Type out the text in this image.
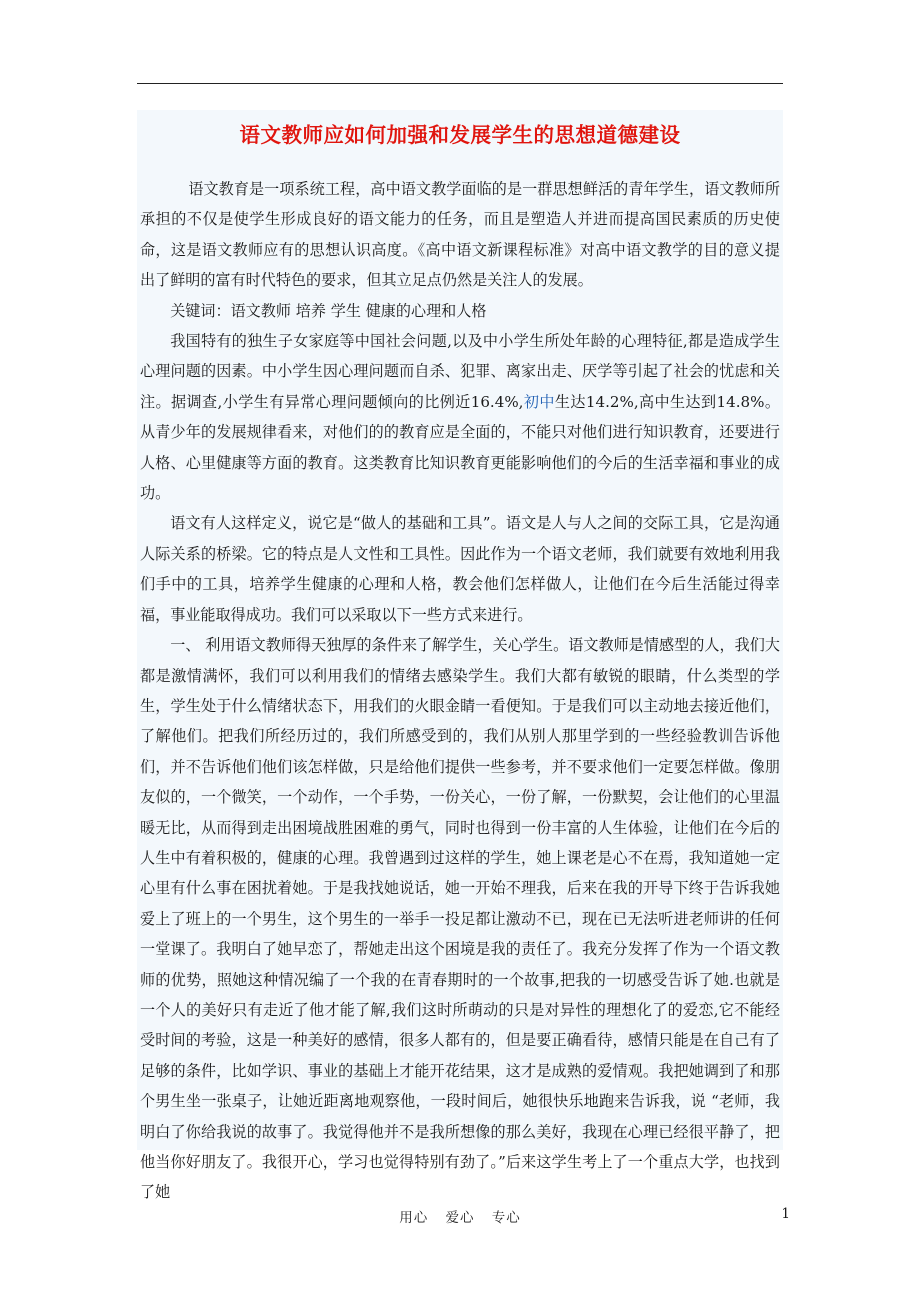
语文教师应如何加强和发展学生的思想道德建设

语文教育是一项系统工程，高中语文教学面临的是一群思想鲜活的青年学生，语文教师所承担的不仅是使学生形成良好的语文能力的任务，而且是塑造人并进而提高国民素质的历史使命，这是语文教师应有的思想认识高度。《高中语文新课程标准》对高中语文教学的目的意义提出了鲜明的富有时代特色的要求，但其立足点仍然是关注人的发展。

关键词：语文教师 培养 学生 健康的心理和人格

我国特有的独生子女家庭等中国社会问题,以及中小学生所处年龄的心理特征,都是造成学生心理问题的因素。中小学生因心理问题而自杀、犯罪、离家出走、厌学等引起了社会的忧虑和关注。据调查,小学生有异常心理问题倾向的比例近16.4%,初中生达14.2%,高中生达到14.8%。从青少年的发展规律看来，对他们的的教育应是全面的，不能只对他们进行知识教育，还要进行人格、心里健康等方面的教育。这类教育比知识教育更能影响他们的今后的生活幸福和事业的成功。

语文有人这样定义，说它是“做人的基础和工具”。语文是人与人之间的交际工具，它是沟通人际关系的桥梁。它的特点是人文性和工具性。因此作为一个语文老师，我们就要有效地利用我们手中的工具，培养学生健康的心理和人格，教会他们怎样做人，让他们在今后生活能过得幸福，事业能取得成功。我们可以采取以下一些方式来进行。

一、 利用语文教师得天独厚的条件来了解学生，关心学生。语文教师是情感型的人，我们大都是激情满怀，我们可以利用我们的情绪去感染学生。我们大都有敏锐的眼睛，什么类型的学生，学生处于什么情绪状态下，用我们的火眼金睛一看便知。于是我们可以主动地去接近他们，了解他们。把我们所经历过的，我们所感受到的，我们从别人那里学到的一些经验教训告诉他们，并不告诉他们他们该怎样做，只是给他们提供一些参考，并不要求他们一定要怎样做。像朋友似的，一个微笑，一个动作，一个手势，一份关心，一份了解，一份默契，会让他们的心里温暖无比，从而得到走出困境战胜困难的勇气，同时也得到一份丰富的人生体验，让他们在今后的人生中有着积极的，健康的心理。我曾遇到过这样的学生，她上课老是心不在焉，我知道她一定心里有什么事在困扰着她。于是我找她说话，她一开始不理我，后来在我的开导下终于告诉我她爱上了班上的一个男生，这个男生的一举手一投足都让激动不已，现在已无法听进老师讲的任何一堂课了。我明白了她早恋了，帮她走出这个困境是我的责任了。我充分发挥了作为一个语文教师的优势，照她这种情况编了一个我的在青春期时的一个故事,把我的一切感受告诉了她.也就是一个人的美好只有走近了他才能了解,我们这时所萌动的只是对异性的理想化了的爱恋,它不能经受时间的考验，这是一种美好的感情，很多人都有的，但是要正确看待，感情只能是在自己有了足够的条件，比如学识、事业的基础上才能开花结果，这才是成熟的爱情观。我把她调到了和那个男生坐一张桌子，让她近距离地观察他，一段时间后，她很快乐地跑来告诉我，说 “老师，我明白了你给我说的故事了。我觉得他并不是我所想像的那么美好，我现在心理已经很平静了，把他当你好朋友了。我很开心，学习也觉得特别有劲了。”后来这学生考上了一个重点大学，也找到了她

用心 爱心 专心	1
